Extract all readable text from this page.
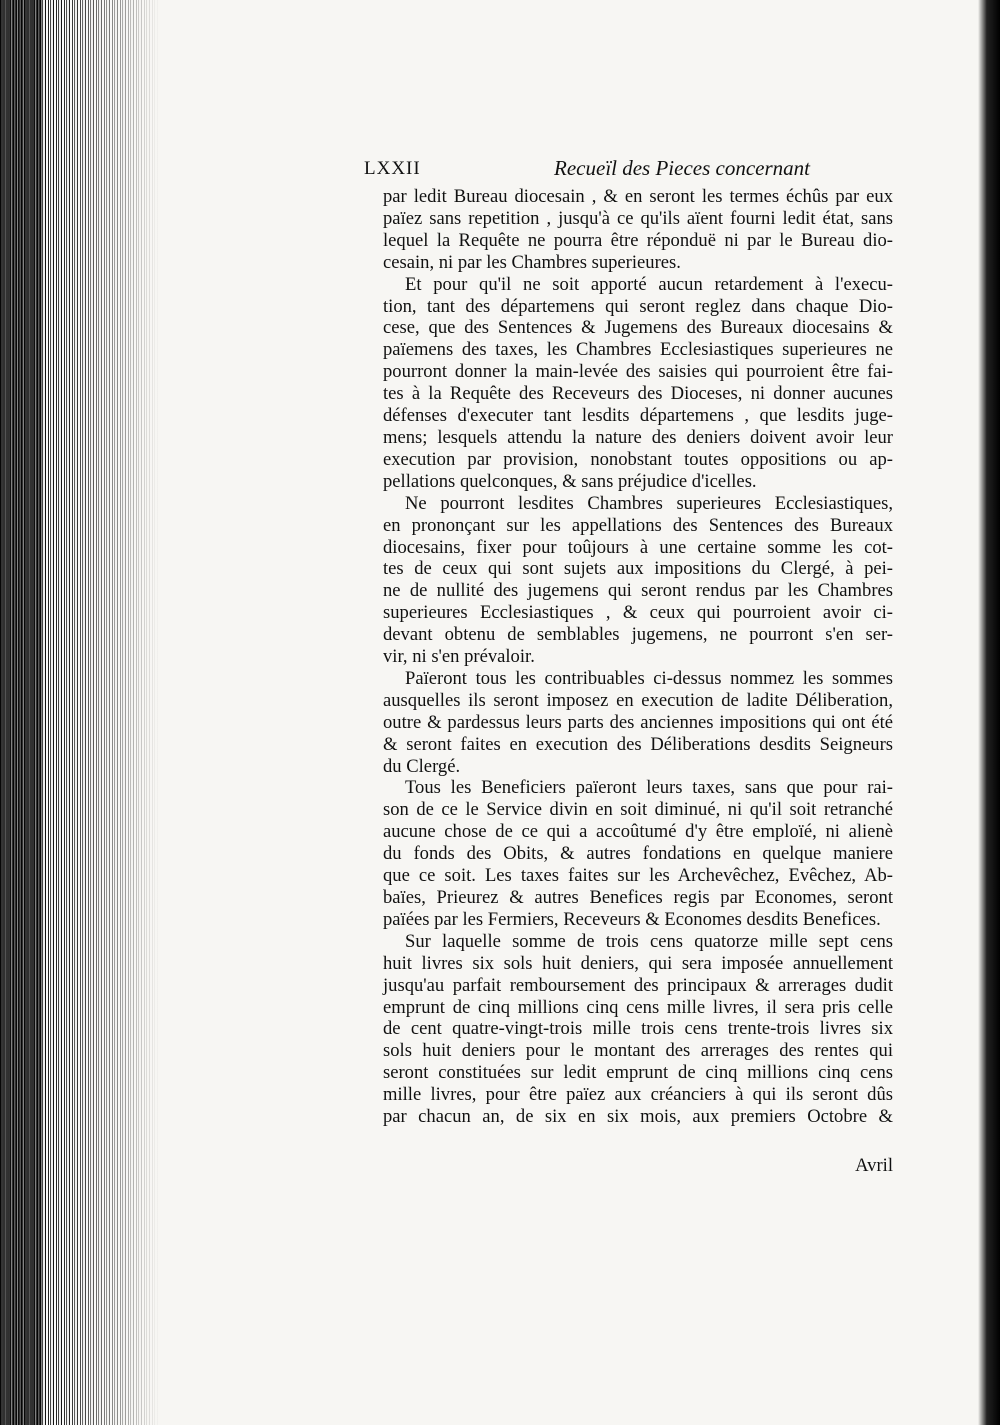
LXXII	Recueïl des Pieces concernant

par ledit Bureau diocesain , & en seront les termes échûs par eux

païez sans repetition , jusqu'à ce qu'ils aïent fourni ledit état, sans

lequel la Requête ne pourra être réponduë ni par le Bureau dio-

cesain, ni par les Chambres superieures.

Et pour qu'il ne soit apporté aucun retardement à l'execu-

tion, tant des départemens qui seront reglez dans chaque Dio-

cese, que des Sentences & Jugemens des Bureaux diocesains &

païemens des taxes, les Chambres Ecclesiastiques superieures ne

pourront donner la main-levée des saisies qui pourroient être fai-

tes à la Requête des Receveurs des Dioceses, ni donner aucunes

défenses d'executer tant lesdits départemens , que lesdits juge-

mens; lesquels attendu la nature des deniers doivent avoir leur

execution par provision, nonobstant toutes oppositions ou ap-

pellations quelconques, & sans préjudice d'icelles.

Ne pourront lesdites Chambres superieures Ecclesiastiques,

en prononçant sur les appellations des Sentences des Bureaux

diocesains, fixer pour toûjours à une certaine somme les cot-

tes de ceux qui sont sujets aux impositions du Clergé, à pei-

ne de nullité des jugemens qui seront rendus par les Chambres

superieures Ecclesiastiques , & ceux qui pourroient avoir ci-

devant obtenu de semblables jugemens, ne pourront s'en ser-

vir, ni s'en prévaloir.

Païeront tous les contribuables ci-dessus nommez les sommes

ausquelles ils seront imposez en execution de ladite Déliberation,

outre & pardessus leurs parts des anciennes impositions qui ont été

& seront faites en execution des Déliberations desdits Seigneurs

du Clergé.

Tous les Beneficiers païeront leurs taxes, sans que pour rai-

son de ce le Service divin en soit diminué, ni qu'il soit retranché

aucune chose de ce qui a accoûtumé d'y être emploïé, ni alienè

du fonds des Obits, & autres fondations en quelque maniere

que ce soit. Les taxes faites sur les Archevêchez, Evêchez, Ab-

baïes, Prieurez & autres Benefices regis par Economes, seront

païées par les Fermiers, Receveurs & Economes desdits Benefices.

Sur laquelle somme de trois cens quatorze mille sept cens

huit livres six sols huit deniers, qui sera imposée annuellement

jusqu'au parfait remboursement des principaux & arrerages dudit

emprunt de cinq millions cinq cens mille livres, il sera pris celle

de cent quatre-vingt-trois mille trois cens trente-trois livres six

sols huit deniers pour le montant des arrerages des rentes qui

seront constituées sur ledit emprunt de cinq millions cinq cens

mille livres, pour être païez aux créanciers à qui ils seront dûs

par chacun an, de six en six mois, aux premiers Octobre &

Avril
